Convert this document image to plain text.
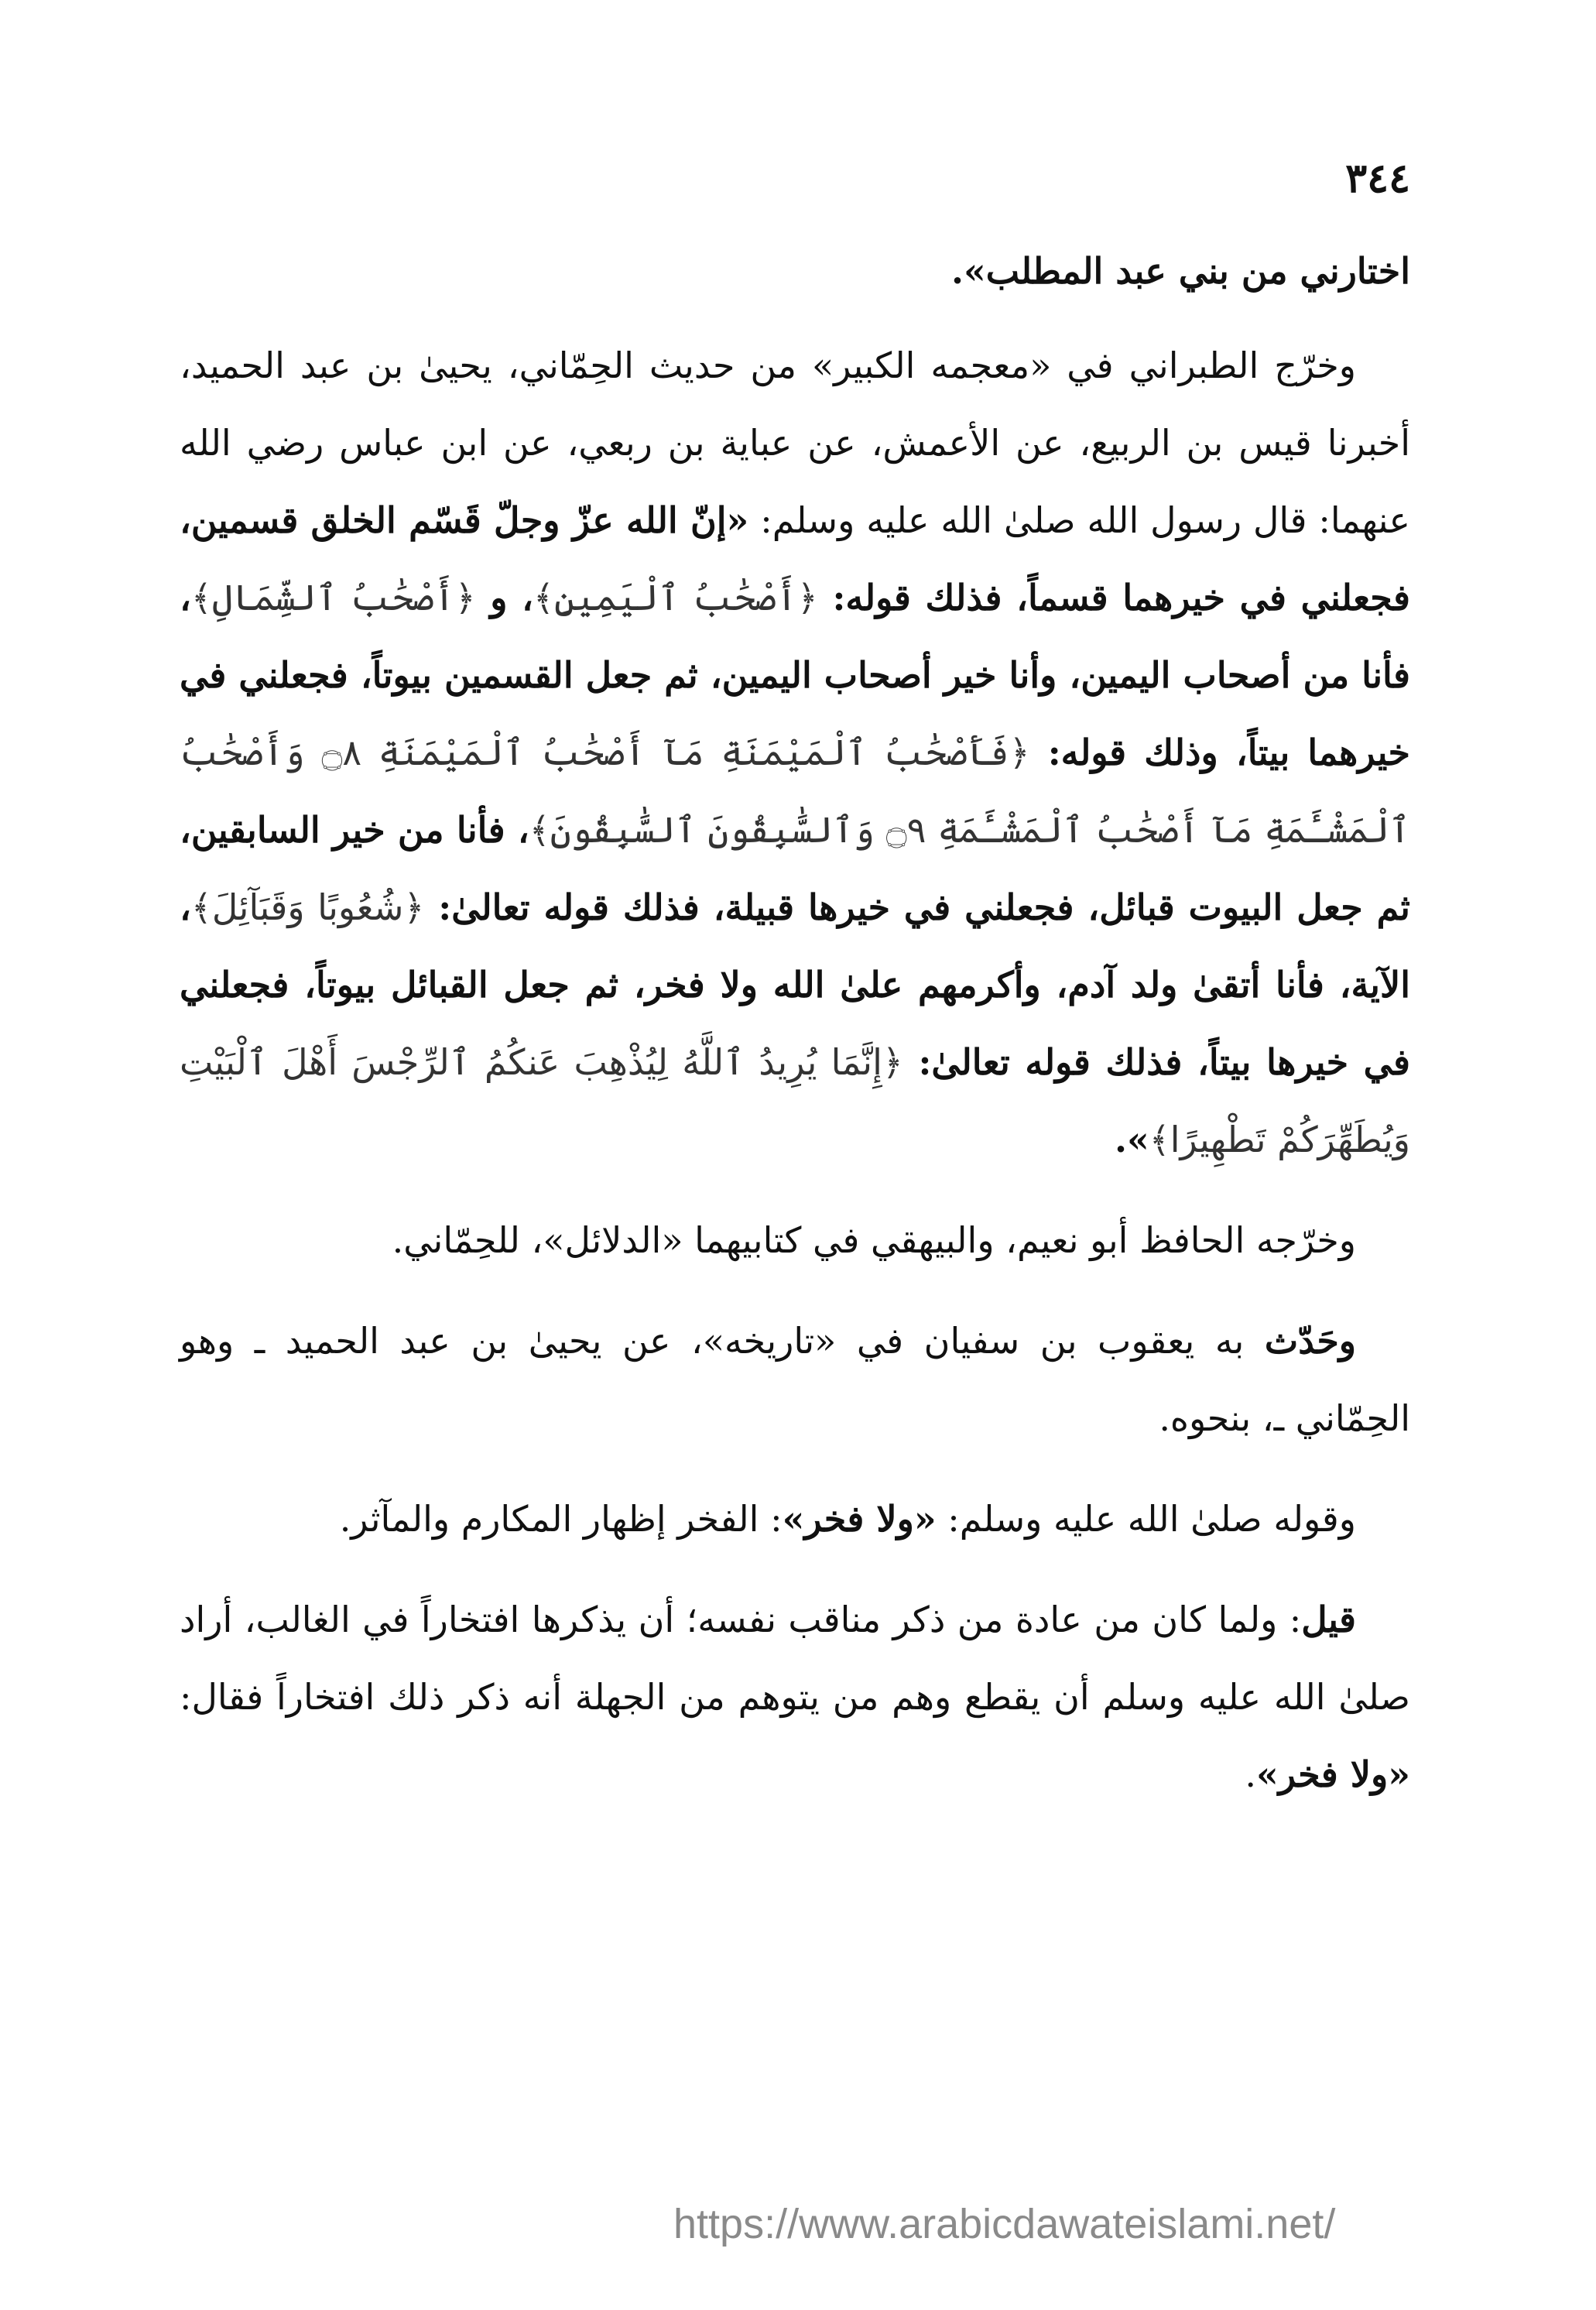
٣٤٤

اختارني من بني عبد المطلب».

وخرّج الطبراني في «معجمه الكبير» من حديث الحِمّاني، يحيىٰ بن عبد الحميد، أخبرنا قيس بن الربيع، عن الأعمش، عن عباية بن ربعي، عن ابن عباس رضي الله عنهما: قال رسول الله صلىٰ الله عليه وسلم: «إنّ الله عزّ وجلّ قَسّم الخلق قسمين، فجعلني في خيرهما قسماً، فذلك قوله: ﴿أَصْحَٰبُ ٱلْيَمِينِ﴾، و ﴿أَصْحَٰبُ ٱلشِّمَالِ﴾، فأنا من أصحاب اليمين، وأنا خير أصحاب اليمين، ثم جعل القسمين بيوتاً، فجعلني في خيرهما بيتاً، وذلك قوله: ﴿فَأَصْحَٰبُ ٱلْمَيْمَنَةِ مَآ أَصْحَٰبُ ٱلْمَيْمَنَةِ ۝٨ وَأَصْحَٰبُ ٱلْمَشْـَٔمَةِ مَآ أَصْحَٰبُ ٱلْمَشْـَٔمَةِ ۝٩ وَٱلسَّٰبِقُونَ ٱلسَّٰبِقُونَ﴾، فأنا من خير السابقين، ثم جعل البيوت قبائل، فجعلني في خيرها قبيلة، فذلك قوله تعالىٰ: ﴿شُعُوبًا وَقَبَآئِلَ﴾، الآية، فأنا أتقىٰ ولد آدم، وأكرمهم علىٰ الله ولا فخر، ثم جعل القبائل بيوتاً، فجعلني في خيرها بيتاً، فذلك قوله تعالىٰ: ﴿إِنَّمَا يُرِيدُ ٱللَّهُ لِيُذْهِبَ عَنكُمُ ٱلرِّجْسَ أَهْلَ ٱلْبَيْتِ وَيُطَهِّرَكُمْ تَطْهِيرًا﴾».

وخرّجه الحافظ أبو نعيم، والبيهقي في كتابيهما «الدلائل»، للحِمّاني.

وحَدّث به يعقوب بن سفيان في «تاريخه»، عن يحيىٰ بن عبد الحميد ـ وهو الحِمّاني ـ، بنحوه.

وقوله صلىٰ الله عليه وسلم: «ولا فخر»: الفخر إظهار المكارم والمآثر.

قيل: ولما كان من عادة من ذكر مناقب نفسه؛ أن يذكرها افتخاراً في الغالب، أراد صلىٰ الله عليه وسلم أن يقطع وهم من يتوهم من الجهلة أنه ذكر ذلك افتخاراً فقال: «ولا فخر».

https://www.arabicdawateislami.net/
